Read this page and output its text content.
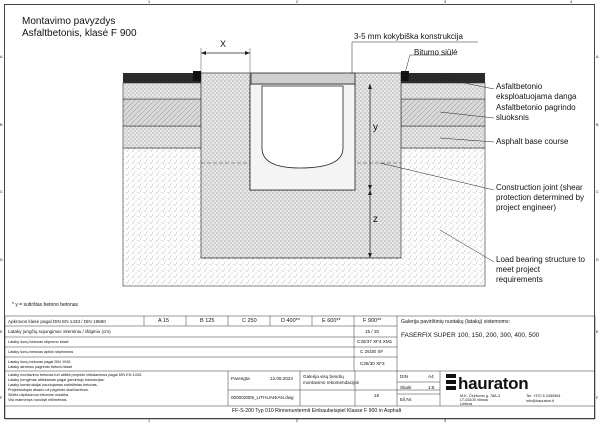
A
B
C
D
E
F
A
B
C
D
E
F
1	2	3
1	2	3
4
Montavimo pavyzdys
Asfaltbetonis, klasė F 900
X
y
z
3-5 mm kokybiška konstrukcija
Bitumo siūlė
Asfaltbetonio
eksploatuojama danga
Asfaltbetonio pagrindo
sluoksnis
Asphalt base course
Construction joint (shear
protection determined by
project engineer)
Load bearing structure to
meet project
requirements
* y = sutirštas betono betonas
Apkrovos klasė pagal DIN EN 1433 / DIN 19580	A 15	B 125	C 250	D 400**	E 600**	F 900**
Lataky jungčių sujungimai: skersiniu / išilginiu (cm)	15 / 20
Lataky šonų betonas stiprumo klasė	C30/37 XF4 XM1
Lataky šonų betonas aplink stiprinimas	C 25/30 XF
Lataky šonų betonas pagal DIN 1045	C25/30 XF3
Lataky atramos pagrindo betono klasė
Lataky montavimo betonas turi atitikti projekto reikalavimus pagal DIN EN 1433.
Lataky įrengimas atliekamas pagal gamintojo instrukcijas.
Lataky konstrukcijai naudojamas sutirštintas betonas.
Projektuotojas atsako už pagrindo skaičiavimus.
Siūlės užpildomos bitumine mastika.
Visi matmenys nurodyti milimetrais.
Galerija pavirštinių nuotakų (latakų) sistemoms:
FASERFIX SUPER 100, 150, 200, 300, 400, 500
Parengta	12.08.2024 Galerija visų bendrų
montavimo rekomendacijos
18
000002805_LITHUANIAN.dwg
DIN	A4
Skalė	1:5
Eil.Nr.
FF-S-200 Typ 010 Rinnenuntermit Einbaubeispiel Klasse F 900 in Asphalt
hauraton
M.K. Čiurlionio g. 78A-3
LT-03105 Vilnius
Lietuva
Tel. +370 5 2450954
info@hauraton.lt
